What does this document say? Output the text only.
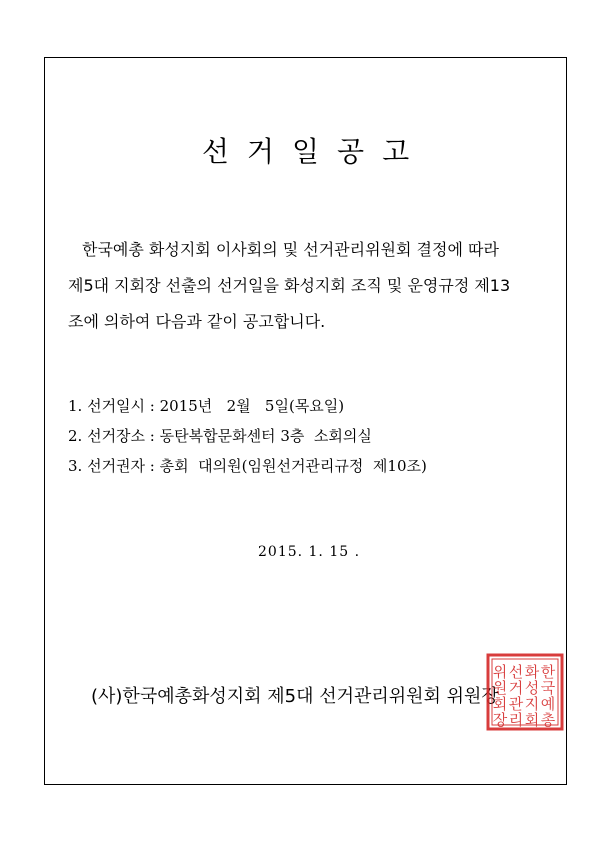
선거일공고
한국예총 화성지회 이사회의 및 선거관리위원회 결정에 따라
제5대 지회장 선출의 선거일을 화성지회 조직 및 운영규정 제13
조에 의하여 다음과 같이 공고합니다.
1. 선거일시 : 2015년   2월   5일(목요일)
2. 선거장소 : 동탄복합문화센터 3층  소회의실
3. 선거권자 : 총회  대의원(임원선거관리규정  제10조)
2015. 1. 15 .
(사)한국예총화성지회 제5대 선거관리위원회 위원장
한
국
예
총
화
성
지
회
선
거
관
리
위
원
회
장
